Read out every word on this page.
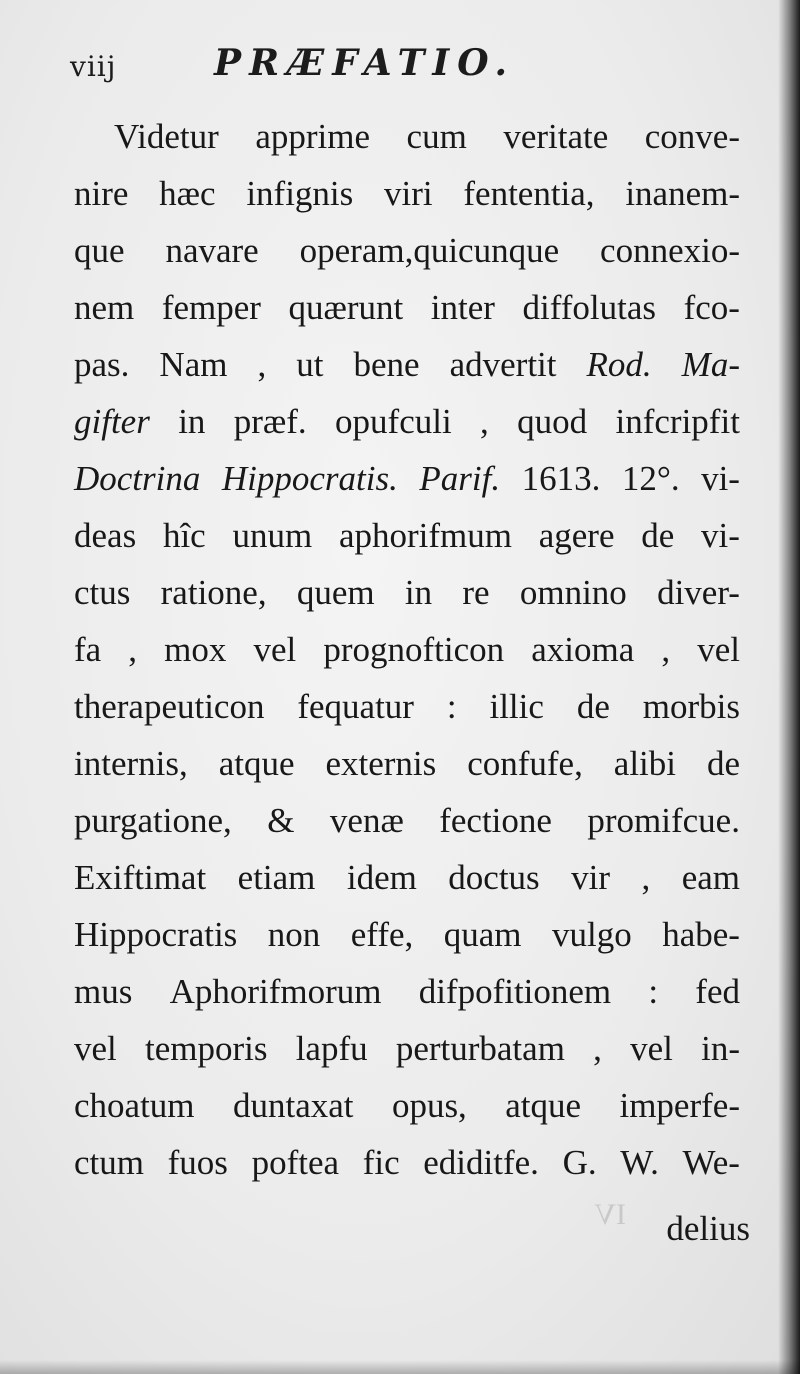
viij	PRÆFATIO.
IV
Videtur apprime cum veritate conve-
nire hæc infignis viri fententia, inanem-
que navare operam,quicunque connexio-
nem femper quærunt inter diffolutas fco-
pas. Nam , ut bene advertit Rod. Ma-
gifter in præf. opufculi , quod infcripfit
Doctrina Hippocratis. Parif. 1613. 12°. vi-
deas hîc unum aphorifmum agere de vi-
ctus ratione, quem in re omnino diver-
fa , mox vel prognofticon axioma , vel
therapeuticon fequatur : illic de morbis
internis, atque externis confufe, alibi de
purgatione, & venæ fectione promifcue.
Exiftimat etiam idem doctus vir , eam
Hippocratis non effe, quam vulgo habe-
mus Aphorifmorum difpofitionem : fed
vel temporis lapfu perturbatam , vel in-
choatum duntaxat opus, atque imperfe-
ctum fuos poftea fic ediditfe. G. W. We-
delius
